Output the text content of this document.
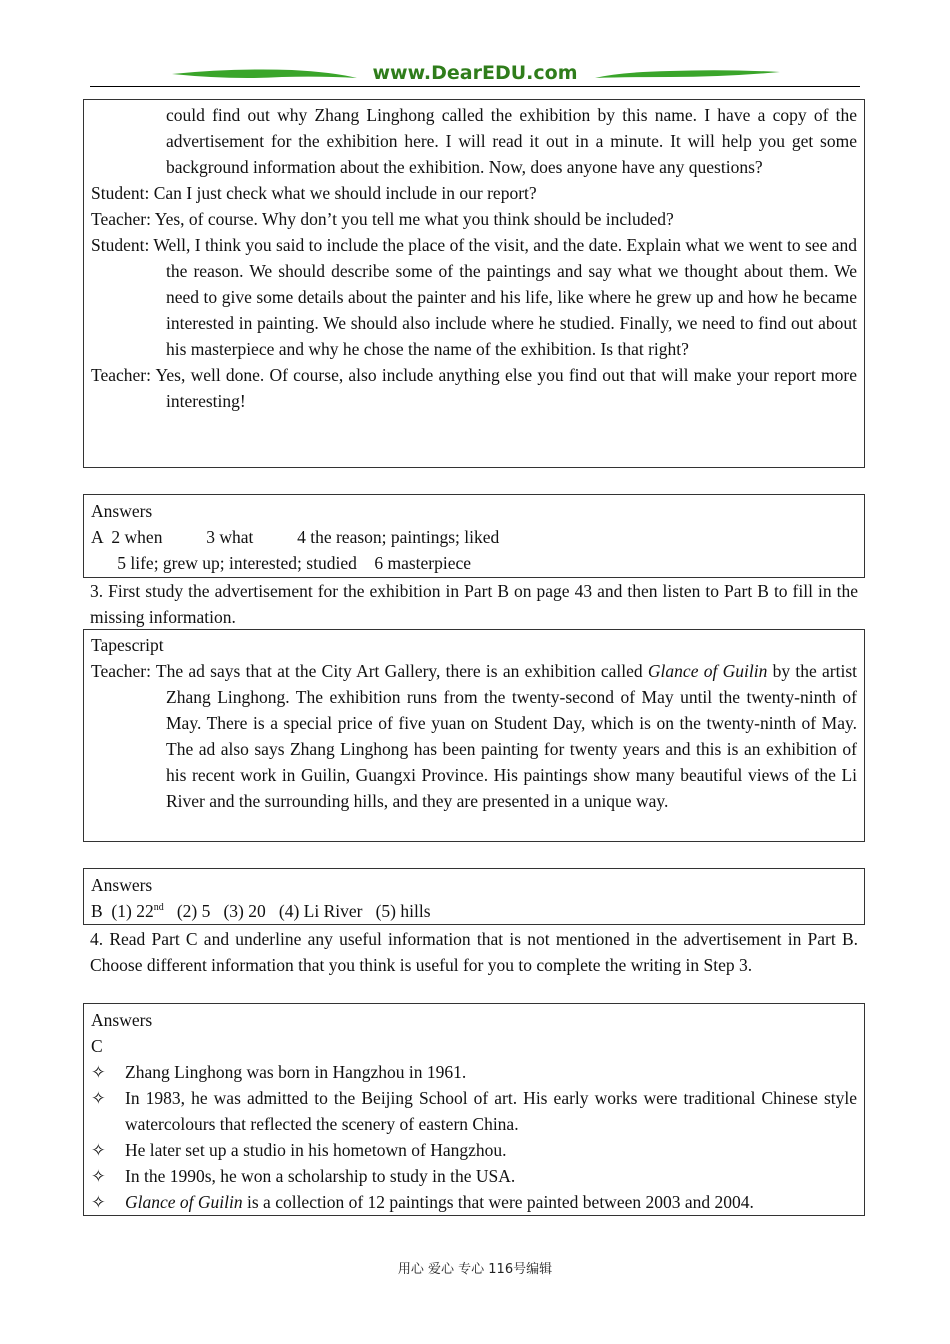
www.DearEDU.com
could find out why Zhang Linghong called the exhibition by this name. I have a copy of the advertisement for the exhibition here. I will read it out in a minute. It will help you get some background information about the exhibition. Now, does anyone have any questions?
Student: Can I just check what we should include in our report?
Teacher: Yes, of course. Why don’t you tell me what you think should be included?
Student: Well, I think you said to include the place of the visit, and the date. Explain what we went to see and the reason. We should describe some of the paintings and say what we thought about them. We need to give some details about the painter and his life, like where he grew up and how he became interested in painting. We should also include where he studied. Finally, we need to find out about his masterpiece and why he chose the name of the exhibition. Is that right?
Teacher: Yes, well done. Of course, also include anything else you find out that will make your report more interesting!
Answers
A  2 when          3 what          4 the reason; paintings; liked
5 life; grew up; interested; studied    6 masterpiece
3. First study the advertisement for the exhibition in Part B on page 43 and then listen to Part B to fill in the missing information.
Tapescript
Teacher: The ad says that at the City Art Gallery, there is an exhibition called Glance of Guilin by the artist Zhang Linghong. The exhibition runs from the twenty-second of May until the twenty-ninth of May. There is a special price of five yuan on Student Day, which is on the twenty-ninth of May. The ad also says Zhang Linghong has been painting for twenty years and this is an exhibition of his recent work in Guilin, Guangxi Province. His paintings show many beautiful views of the Li River and the surrounding hills, and they are presented in a unique way.
Answers
B  (1) 22nd   (2) 5   (3) 20   (4) Li River   (5) hills
4. Read Part C and underline any useful information that is not mentioned in the advertisement in Part B. Choose different information that you think is useful for you to complete the writing in Step 3.
Answers
C
✧	Zhang Linghong was born in Hangzhou in 1961.
✧	In 1983, he was admitted to the Beijing School of art. His early works were traditional Chinese style watercolours that reflected the scenery of eastern China.
✧	He later set up a studio in his hometown of Hangzhou.
✧	In the 1990s, he won a scholarship to study in the USA.
✧	Glance of Guilin is a collection of 12 paintings that were painted between 2003 and 2004.
用心 爱心 专心 116号编辑
